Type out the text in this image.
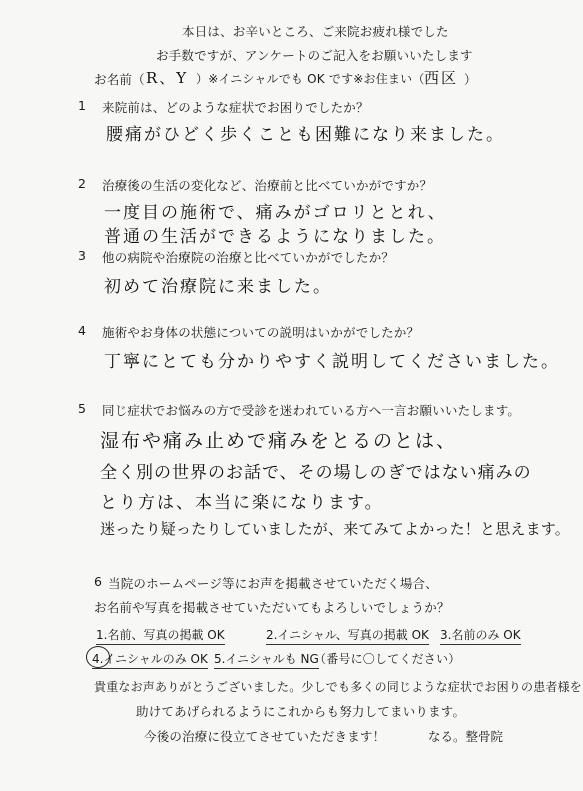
本日は、お辛いところ、ご来院お疲れ様でした
お手数ですが、アンケートのご記入をお願いいたします
お名前（ R、Y ）※イニシャルでも OK です※お住まい（ 西区 ）
1 来院前は、どのような症状でお困りでしたか？
腰痛がひどく歩くことも困難になり来ました。
2 治療後の生活の変化など、治療前と比べていかがですか？
一度目の施術で、痛みがゴロリととれ、
普通の生活ができるようになりました。
3 他の病院や治療院の治療と比べていかがでしたか？
初めて治療院に来ました。
4 施術やお身体の状態についての説明はいかがでしたか？
丁寧にとても分かりやすく説明してくださいました。
5 同じ症状でお悩みの方で受診を迷われている方へ一言お願いいたします。
湿布や痛み止めで痛みをとるのとは、
全く別の世界のお話で、その場しのぎではない痛みの
とり方は、本当に楽になります。
迷ったり疑ったりしていましたが、来てみてよかった！と思えます。
6 当院のホームページ等にお声を掲載させていただく場合、
お名前や写真を掲載させていただいてもよろしいでしょうか？
1.名前、写真の掲載 OK	2.イニシャル、写真の掲載 OK 3.名前のみ OK
4.イニシャルのみ OK 5.イニシャルも NG
（番号に〇してください）
貴重なお声ありがとうございました。少しでも多くの同じような症状でお困りの患者様を
助けてあげられるようにこれからも努力してまいります。
今後の治療に役立てさせていただきます！	なる。整骨院
